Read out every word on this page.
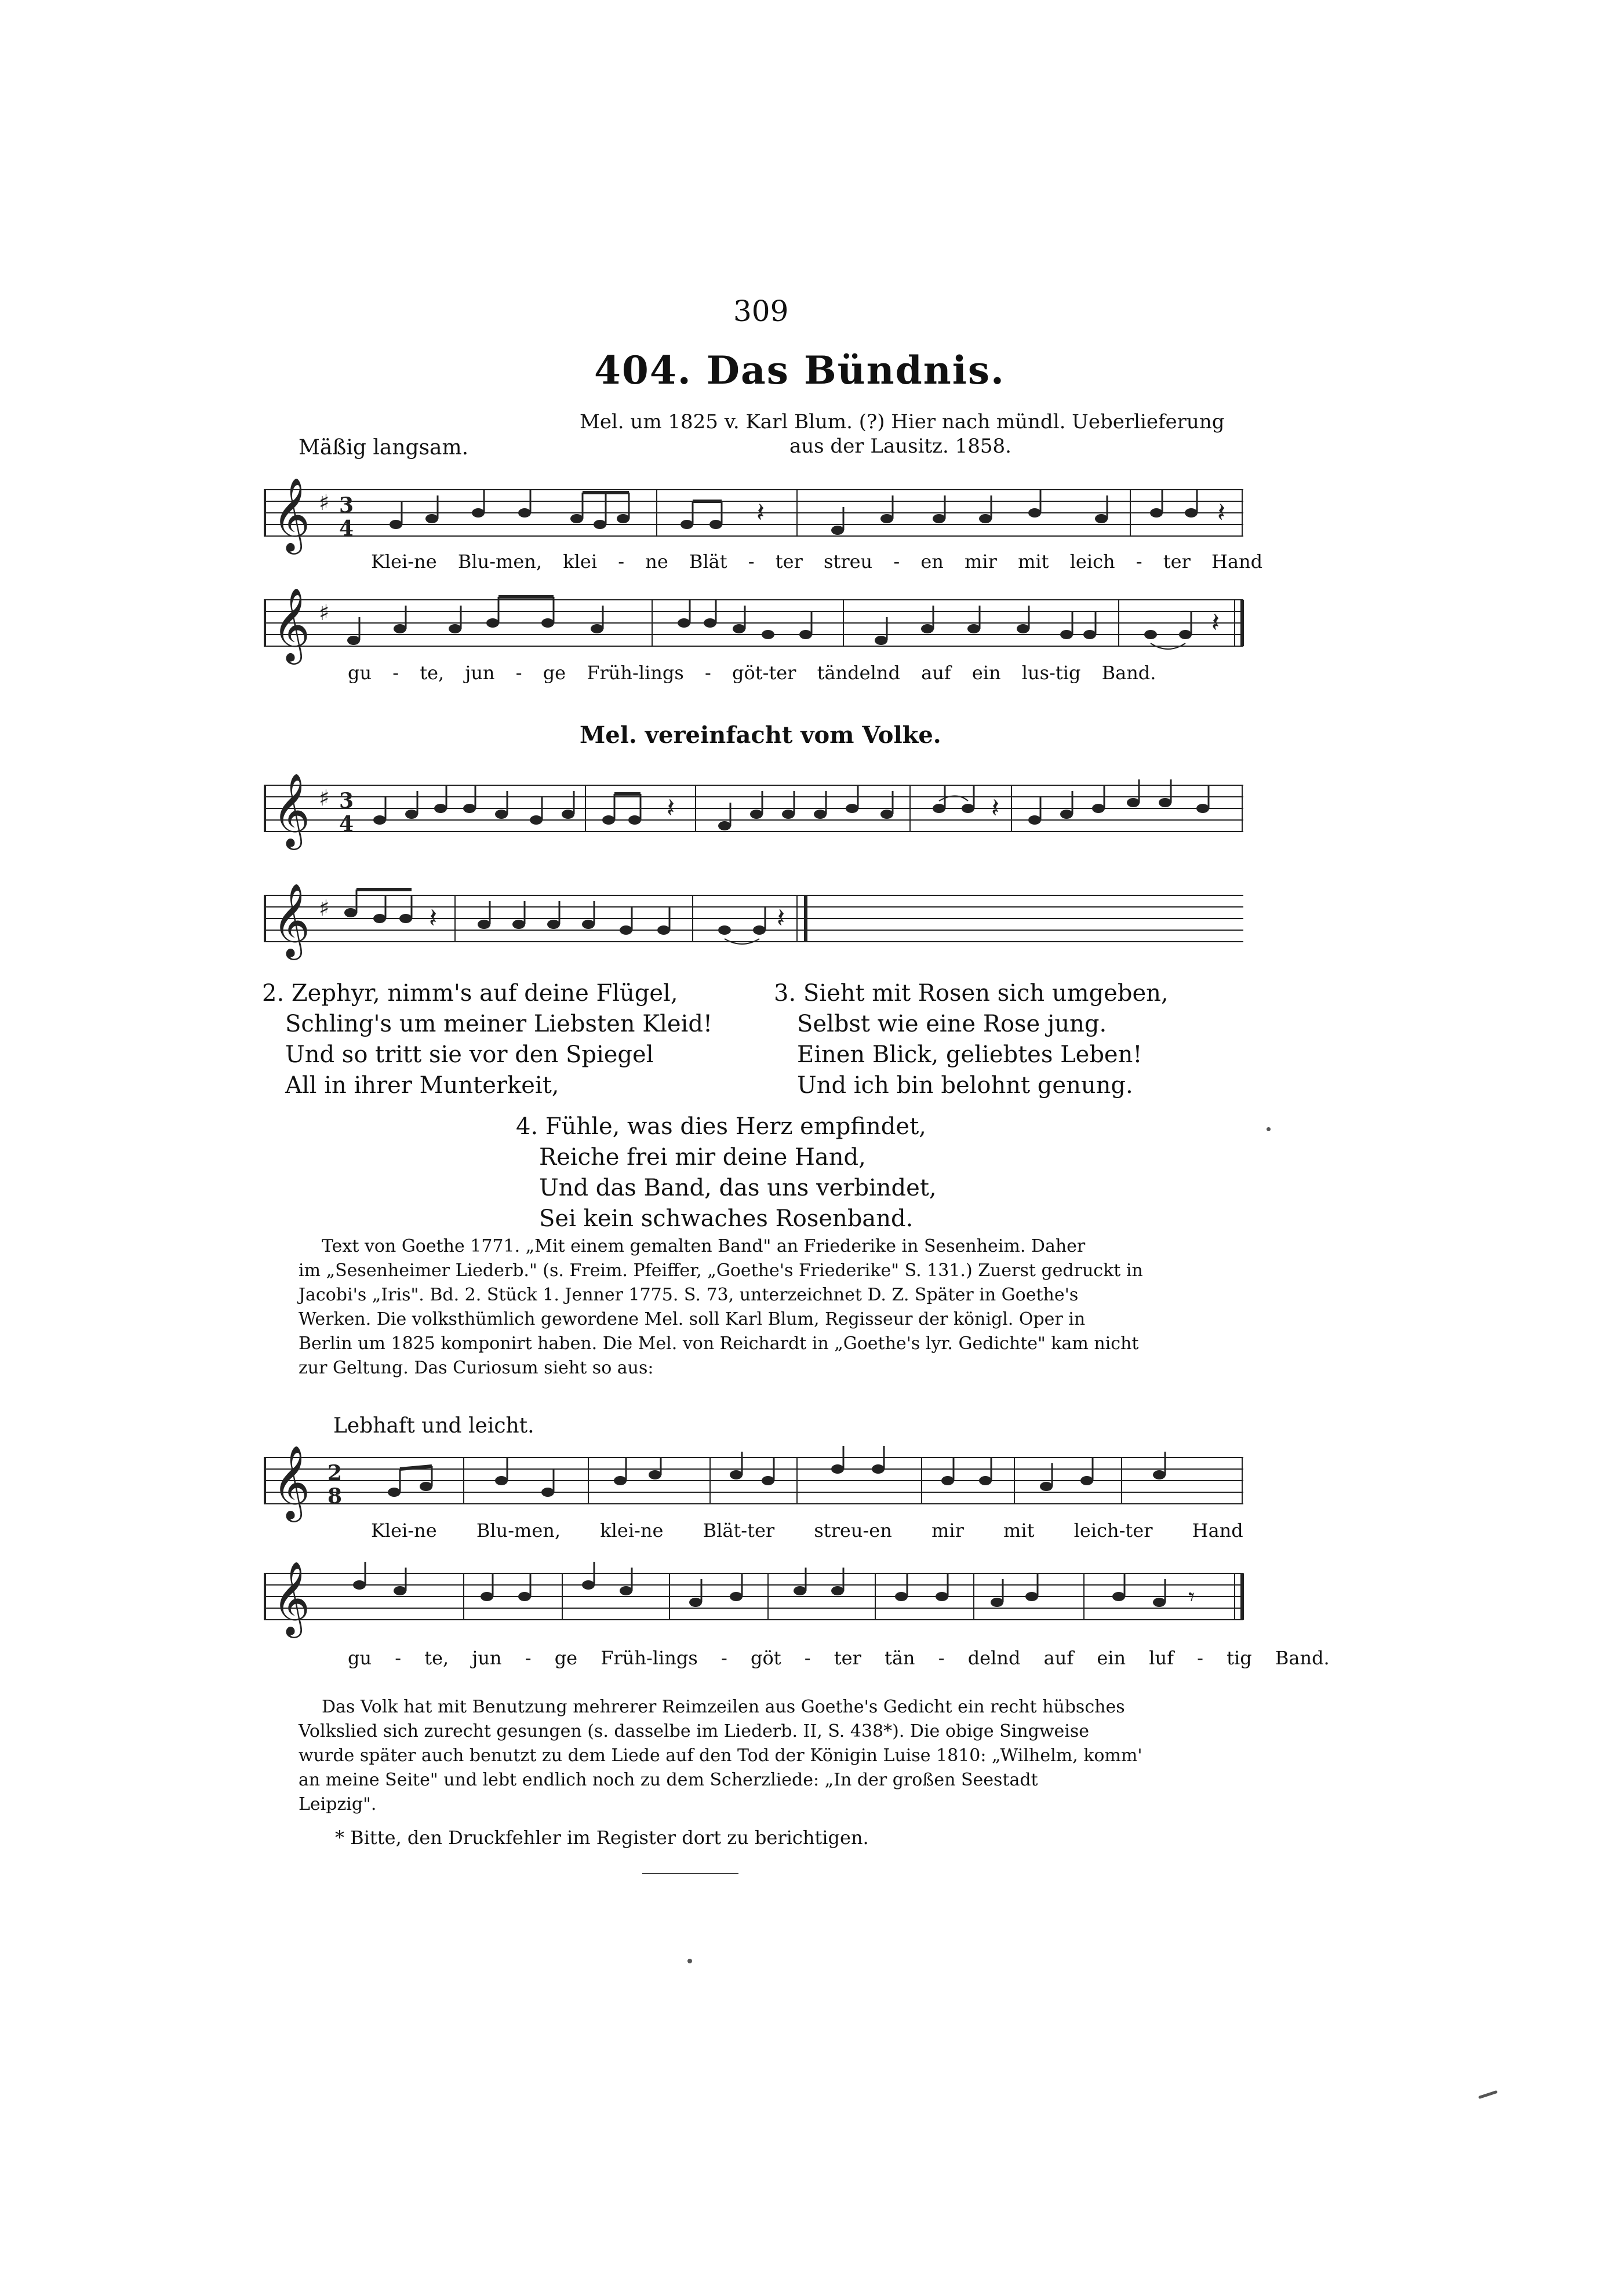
309
404. Das Bündnis.
Mel. um 1825 v. Karl Blum. (?) Hier nach mündl. Ueberlieferung
aus der Lausitz. 1858.
Mäßig langsam.
𝄞 ♯ 3
4
𝄽	𝄽
Klei-ne Blu-men, klei - ne Blät - ter streu - en mir mit leich - ter Hand
𝄞 ♯	𝄽
gu - te, jun - ge Früh-lings - göt-ter tändelnd auf ein lus-tig Band.
Mel. vereinfacht vom Volke.
𝄞 ♯ 3
4
𝄽	𝄽
𝄞 ♯	𝄽	𝄽
2. Zephyr, nimm's auf deine Flügel,
Schling's um meiner Liebsten Kleid!
Und so tritt sie vor den Spiegel
All in ihrer Munterkeit,
3. Sieht mit Rosen sich umgeben,
Selbst wie eine Rose jung.
Einen Blick, geliebtes Leben!
Und ich bin belohnt genung.
4. Fühle, was dies Herz empfindet,
Reiche frei mir deine Hand,
Und das Band, das uns verbindet,
Sei kein schwaches Rosenband.
Text von Goethe 1771. „Mit einem gemalten Band" an Friederike in Sesenheim. Daher
im „Sesenheimer Liederb." (s. Freim. Pfeiffer, „Goethe's Friederike" S. 131.) Zuerst gedruckt in
Jacobi's „Iris". Bd. 2. Stück 1. Jenner 1775. S. 73, unterzeichnet D. Z. Später in Goethe's
Werken. Die volksthümlich gewordene Mel. soll Karl Blum, Regisseur der königl. Oper in
Berlin um 1825 komponirt haben. Die Mel. von Reichardt in „Goethe's lyr. Gedichte" kam nicht
zur Geltung. Das Curiosum sieht so aus:
Lebhaft und leicht.
𝄞 2
8
Klei-ne Blu-men, klei-ne Blät-ter streu-en mir mit leich-ter Hand
𝄞	𝄾
gu - te, jun - ge Früh-lings - göt - ter tän - delnd auf ein luf - tig Band.
Das Volk hat mit Benutzung mehrerer Reimzeilen aus Goethe's Gedicht ein recht hübsches
Volkslied sich zurecht gesungen (s. dasselbe im Liederb. II, S. 438*). Die obige Singweise
wurde später auch benutzt zu dem Liede auf den Tod der Königin Luise 1810: „Wilhelm, komm'
an meine Seite" und lebt endlich noch zu dem Scherzliede: „In der großen Seestadt
Leipzig".
* Bitte, den Druckfehler im Register dort zu berichtigen.
